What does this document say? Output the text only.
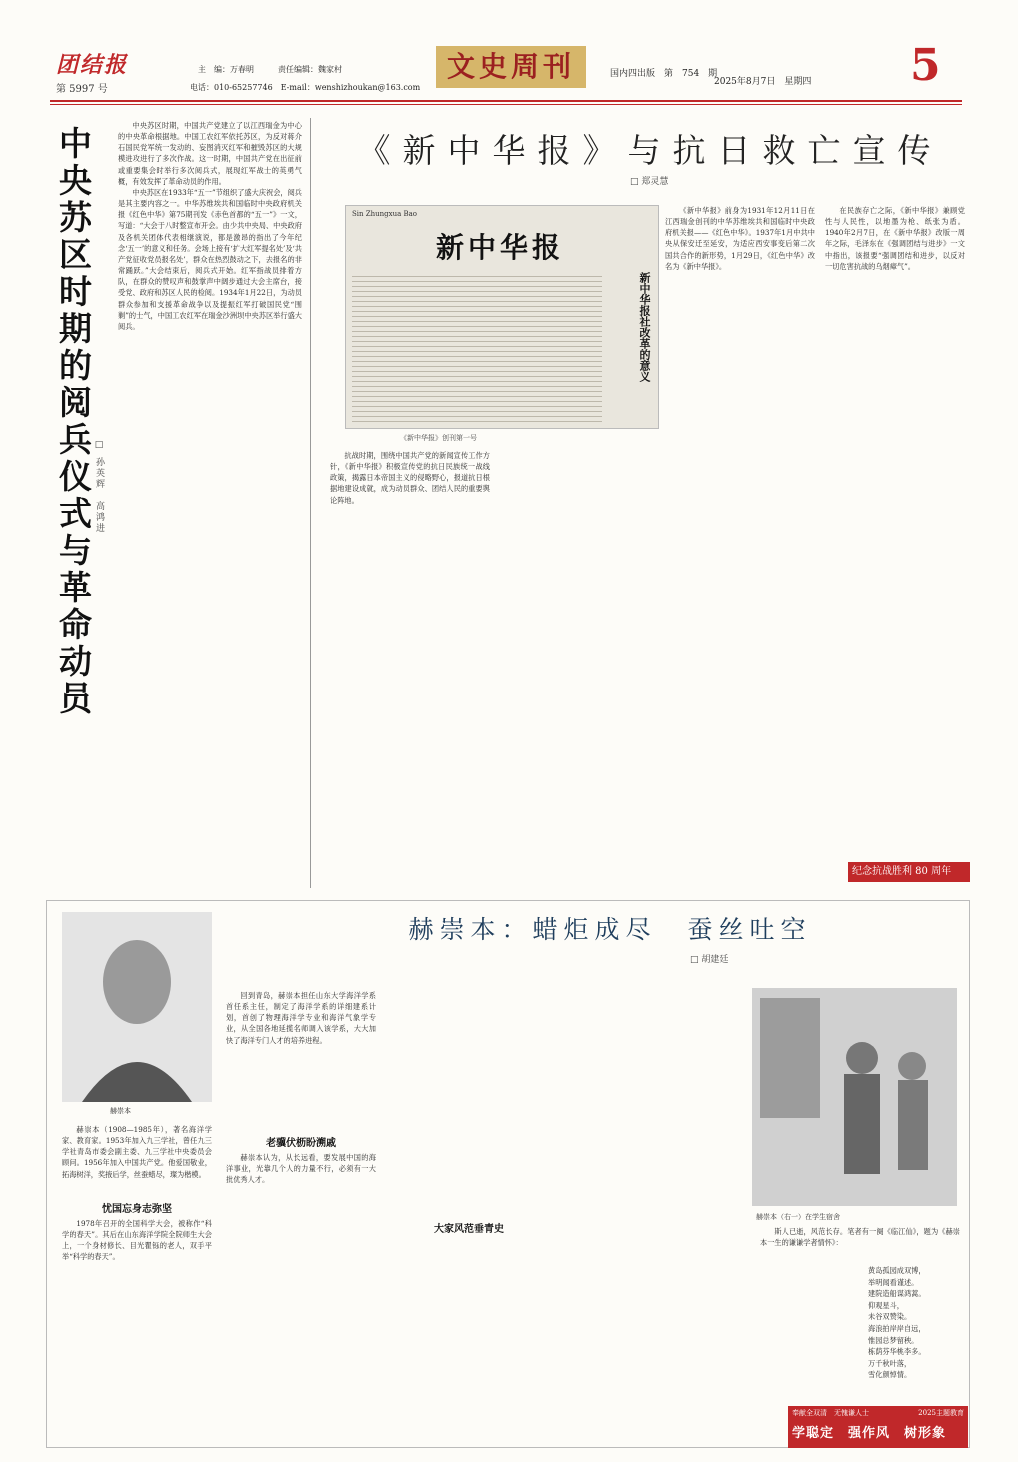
团结报
第 5997 号
主　编：万春明　　　责任编辑：魏家村
电话：010-65257746　E-mail：wenshizhoukan@163.com
文史周刊	国内四出版　第　754　期
2025年8月7日　星期四 5
中央苏区时期的阅兵仪式与革命动员 □ 孙英辉　高鸿进

中央苏区时期，中国共产党建立了以江西瑞金为中心的中央革命根据地。中国工农红军依托苏区，为反对蒋介石国民党军统一发动的、妄图消灭红军和摧毁苏区的大规模进攻进行了多次作战。这一时期，中国共产党在出征前或重要集会时举行多次阅兵式，展现红军战士的英勇气概，有效发挥了革命动员的作用。

中央苏区在1933年“五一”节组织了盛大庆祝会，阅兵是其主要内容之一。中华苏维埃共和国临时中央政府机关报《红色中华》第75期刊发《赤色首都的“五一”》一文，写道：“大会于八时整宣布开会。由少共中央局、中央政府及各机关团体代表相继演说，都是激昂的指出了今年纪念‘五一’的意义和任务。会场上接有‘扩大红军提名处’及‘共产党征收党员报名处’，群众在热烈鼓动之下，去报名的非常踊跃。”大会结束后，阅兵式开始。红军指战员排着方队，在群众的赞叹声和鼓掌声中阔步通过大会主席台，接受党、政府和苏区人民的检阅。1934年1月22日，为动员群众参加和支援革命战争以及提振红军打破国民党“围剿”的士气，中国工农红军在瑞金沙洲坝中央苏区举行盛大阅兵。

《新中华报》与抗日救亡宣传
□ 郑灵慧
Sin Zhungxua Bao
新中华报
新中华报社改革的意义
《新中华报》创刊第一号

《新中华报》前身为1931年12月11日在江西瑞金创刊的中华苏维埃共和国临时中央政府机关报——《红色中华》。1937年1月中共中央从保安迁至延安，为适应西安事变后第二次国共合作的新形势，1月29日，《红色中华》改名为《新中华报》。

抗战时期，围绕中国共产党的新闻宣传工作方针，《新中华报》积极宣传党的抗日民族统一战线政策，揭露日本帝国主义的侵略野心，报道抗日根据地建设成就，成为动员群众、团结人民的重要舆论阵地。

在民族存亡之际，《新中华报》兼顾党性与人民性，以地墨为枪、纸张为盾。1940年2月7日，在《新中华报》改版一周年之际，毛泽东在《强调团结与进步》一文中指出，该报要“强调团结和进步，以反对一切危害抗战的乌烟瘴气”。

纪念抗战胜利 80 周年
赫崇本：蜡炬成尽　蚕丝吐空
□ 胡建廷
赫崇本
赫崇本（1908—1985年），著名海洋学家、教育家。1953年加入九三学社，曾任九三学社青岛市委会副主委、九三学社中央委员会顾问。1956年加入中国共产党。他爱国敬业，拓海树洋，奖掖后学，丝蚕蜡尽，璨为楷模。
忧国忘身志弥坚

1978年召开的全国科学大会，被称作“科学的春天”。其后在山东海洋学院全院师生大会上，一个身材修长、目光瞿铄的老人，双手平举“科学的春天”。

回到青岛，赫崇本担任山东大学海洋学系首任系主任，制定了海洋学系的详细建系计划，首创了物理海洋学专业和海洋气象学专业，从全国各地延揽名师调入该学系，大大加快了海洋专门人才的培养进程。

老骥伏枥盼溯戚

赫崇本认为，从长远看，要发展中国的海洋事业，光靠几个人的力量不行，必须有一大批优秀人才。

大家风范垂青史
赫崇本（右一）在学生宿舍
斯人已逝，风范长存。笔者有一阕《临江仙》，题为《赫崇本一生的谦谦学者情怀》：
黄岛孤园成双博，
举明闻看谨述。
建院造船谋鸿蒿。
仰观星斗，
未谷双赞染。
海浪拍岸岸自远，
惟园总梦留秧。
栋荫芬华桃李多。
万千秋叶落，
雪化颜悼情。
奉献全双清　无愧谦人士	2025主题教育
学聪定　强作风　树形象
